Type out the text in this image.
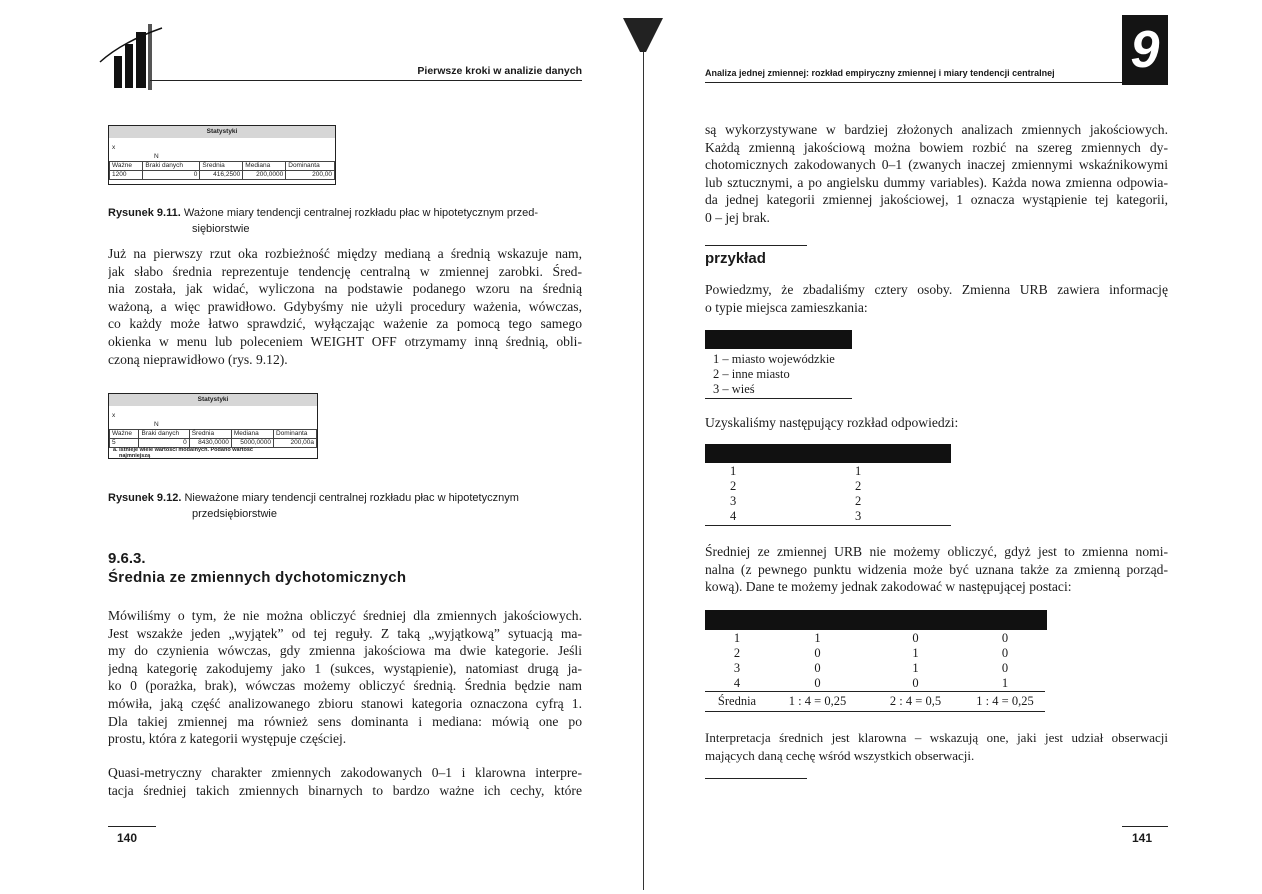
Pierwsze kroki w analizie danych
Statystyki
x
N
Ważne	Braki danych	Średnia	Mediana	Dominanta
1200	0	416,2500	200,0000	200,00
Rysunek 9.11. Ważone miary tendencji centralnej rozkładu płac w hipotetycznym przed-
siębiorstwie
Już na pierwszy rzut oka rozbieżność między medianą a średnią wskazuje nam,
jak słabo średnia reprezentuje tendencję centralną w zmiennej zarobki. Śred-
nia została, jak widać, wyliczona na podstawie podanego wzoru na średnią
ważoną, a więc prawidłowo. Gdybyśmy nie użyli procedury ważenia, wówczas,
co każdy może łatwo sprawdzić, wyłączając ważenie za pomocą tego samego
okienka w menu lub poleceniem WEIGHT OFF otrzymamy inną średnią, obli-
czoną nieprawidłowo (rys. 9.12).
Statystyki
x
N
Ważne	Braki danych	Średnia	Mediana	Dominanta
5	0	8430,0000	5000,0000	200,00a
a. Istnieje wiele wartości modalnych. Podano wartość
najmniejszą
Rysunek 9.12. Nieważone miary tendencji centralnej rozkładu płac w hipotetycznym
przedsiębiorstwie
9.6.3.
Średnia ze zmiennych dychotomicznych
Mówiliśmy o tym, że nie można obliczyć średniej dla zmiennych jakościowych.
Jest wszakże jeden „wyjątek” od tej reguły. Z taką „wyjątkową” sytuacją ma-
my do czynienia wówczas, gdy zmienna jakościowa ma dwie kategorie. Jeśli
jedną kategorię zakodujemy jako 1 (sukces, wystąpienie), natomiast drugą ja-
ko 0 (porażka, brak), wówczas możemy obliczyć średnią. Średnia będzie nam
mówiła, jaką część analizowanego zbioru stanowi kategoria oznaczona cyfrą 1.
Dla takiej zmiennej ma również sens dominanta i mediana: mówią one po
prostu, która z kategorii występuje częściej.
Quasi-metryczny charakter zmiennych zakodowanych 0–1 i klarowna interpre-
tacja średniej takich zmiennych binarnych to bardzo ważne ich cechy, które
140
Analiza jednej zmiennej: rozkład empiryczny zmiennej i miary tendencji centralnej 9
są wykorzystywane w bardziej złożonych analizach zmiennych jakościowych.
Każdą zmienną jakościową można bowiem rozbić na szereg zmiennych dy-
chotomicznych zakodowanych 0–1 (zwanych inaczej zmiennymi wskaźnikowymi
lub sztucznymi, a po angielsku dummy variables). Każda nowa zmienna odpowia-
da jednej kategorii zmiennej jakościowej, 1 oznacza wystąpienie tej kategorii,
0 – jej brak.
przykład
Powiedzmy, że zbadaliśmy cztery osoby. Zmienna URB zawiera informację
o typie miejsca zamieszkania:
1 – miasto wojewódzkie
2 – inne miasto
3 – wieś
Uzyskaliśmy następujący rozkład odpowiedzi:
1	1
2	2
3	2
4	3
Średniej ze zmiennej URB nie możemy obliczyć, gdyż jest to zmienna nomi-
nalna (z pewnego punktu widzenia może być uznana także za zmienną porząd-
kową). Dane te możemy jednak zakodować w następującej postaci:
1	1	0	0
2	0	1	0
3	0	1	0
4	0	0	1
Średnia	1 : 4 = 0,25	2 : 4 = 0,5	1 : 4 = 0,25
Interpretacja średnich jest klarowna – wskazują one, jaki jest udział obserwacji
mających daną cechę wśród wszystkich obserwacji.
141
